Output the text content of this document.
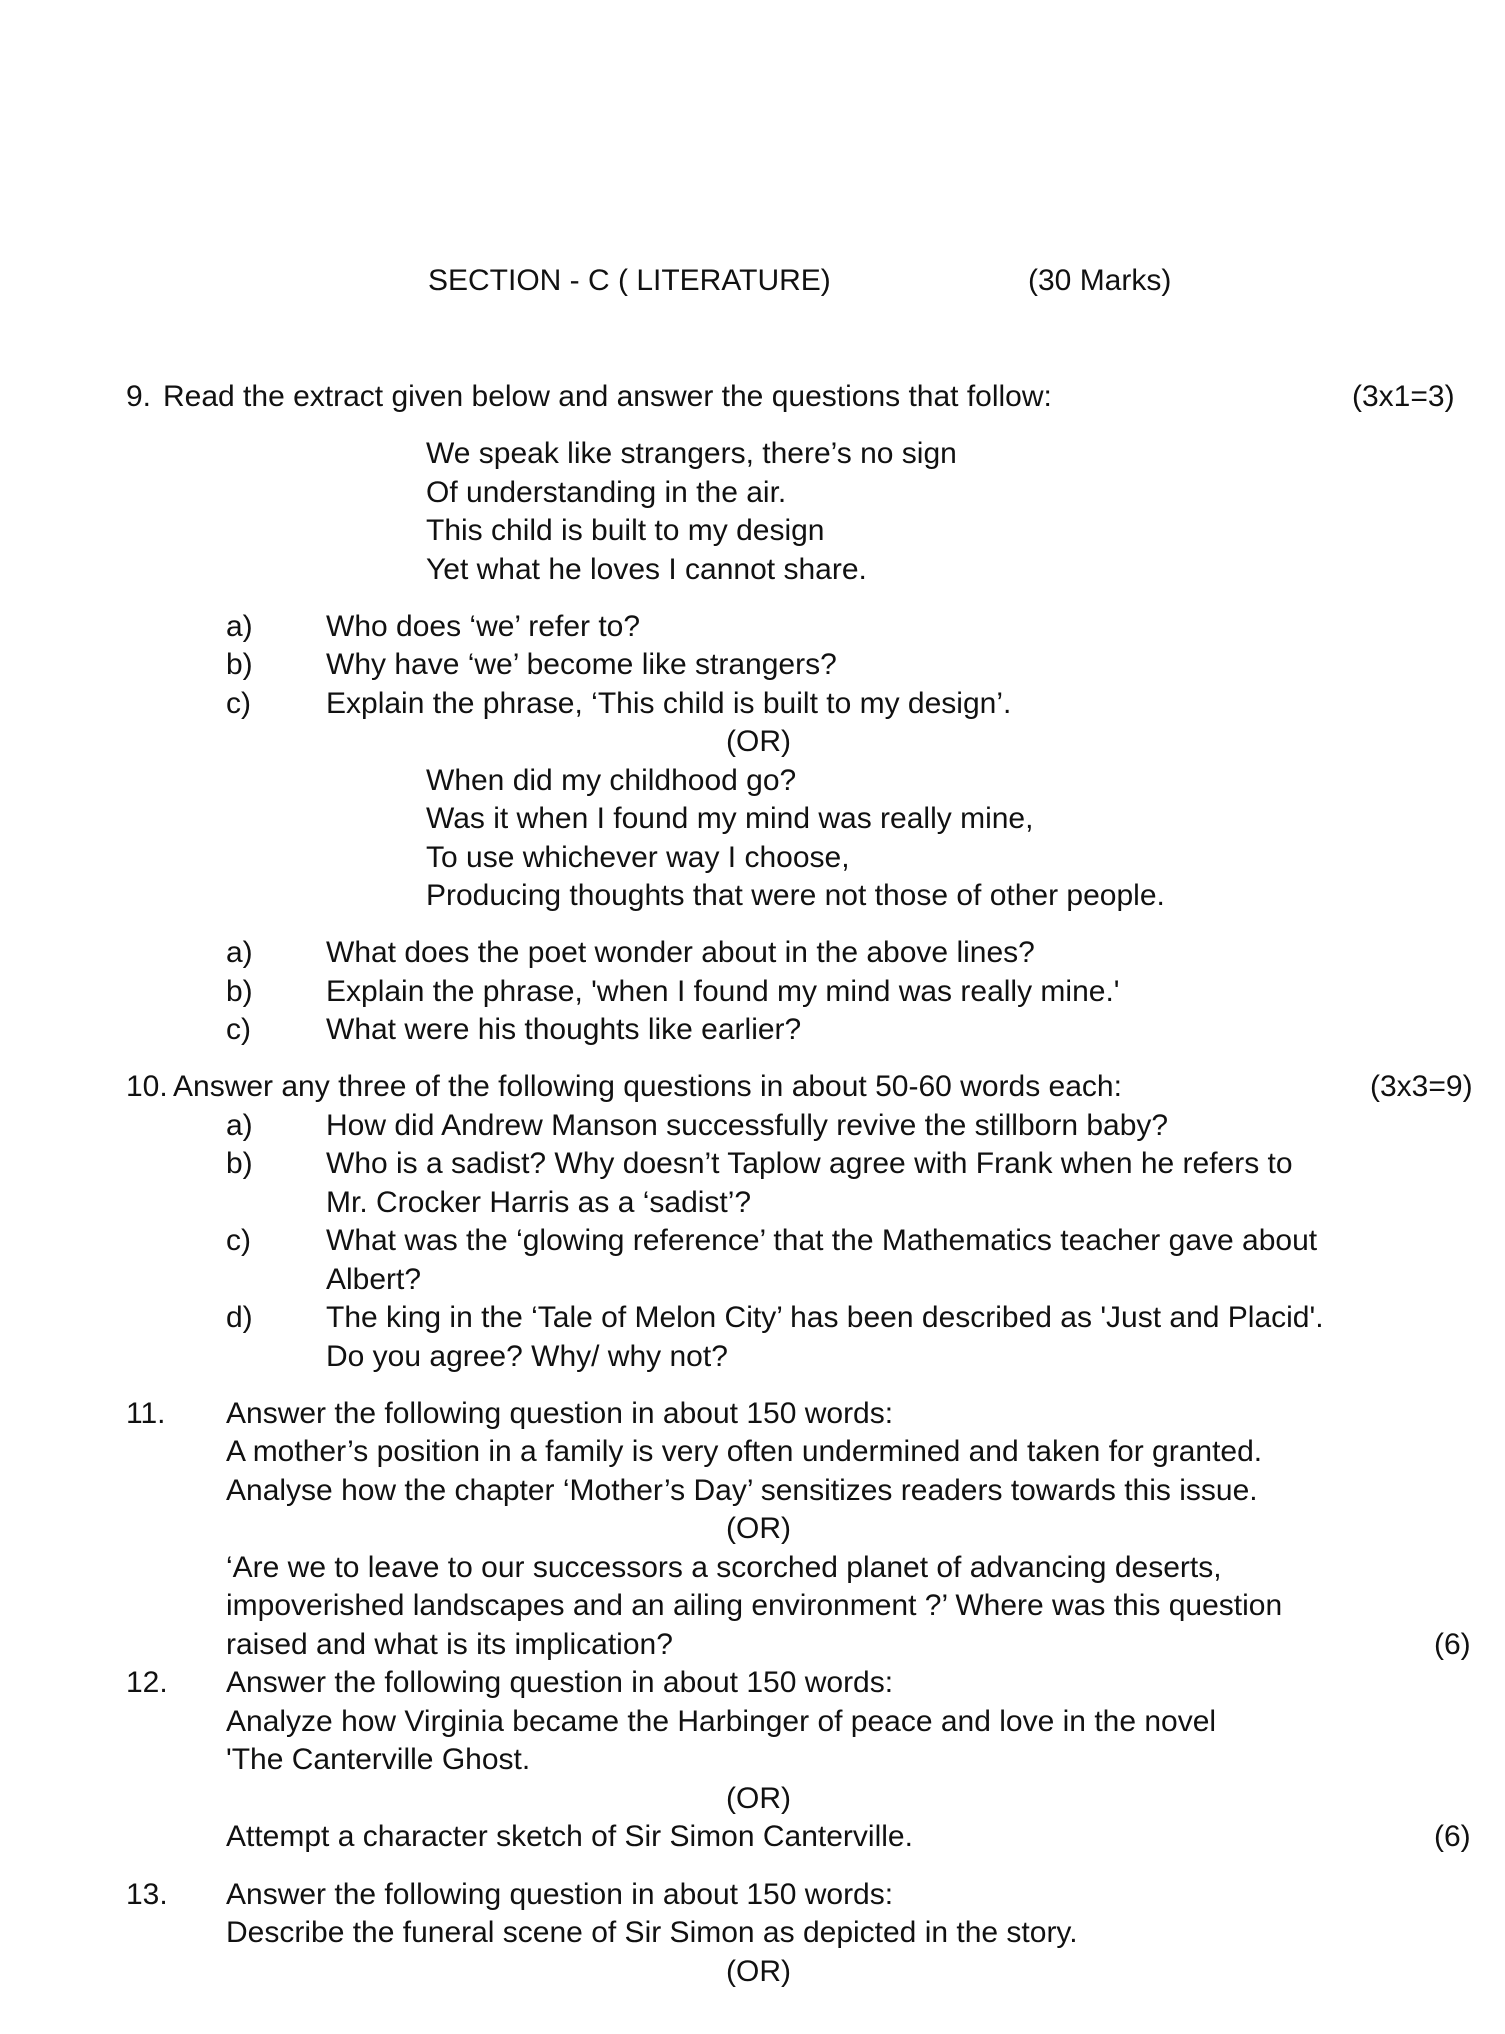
SECTION - C ( LITERATURE)	(30 Marks)
9. Read the extract given below and answer the questions that follow:	(3x1=3)
We speak like strangers, there’s no sign
Of understanding in the air.
This child is built to my design
Yet what he loves I cannot share.
a) Who does ‘we’ refer to?
b) Why have ‘we’ become like strangers?
c)	Explain the phrase, ‘This child is built to my design’.
(OR)
When did my childhood go?
Was it when I found my mind was really mine,
To use whichever way I choose,
Producing thoughts that were not those of other people.
a) What does the poet wonder about in the above lines?
b) Explain the phrase, 'when I found my mind was really mine.'
c)	What were his thoughts like earlier?
10. Answer any three of the following questions in about 50-60 words each:	(3x3=9)
a) How did Andrew Manson successfully revive the stillborn baby?
b) Who is a sadist? Why doesn’t Taplow agree with Frank when he refers to
Mr. Crocker Harris as a ‘sadist’?
c)	What was the ‘glowing reference’ that the Mathematics teacher gave about
Albert?
d) The king in the ‘Tale of Melon City’ has been described as 'Just and Placid'.
Do you agree? Why/ why not?
11. Answer the following question in about 150 words:
A mother’s position in a family is very often undermined and taken for granted.
Analyse how the chapter ‘Mother’s Day’ sensitizes readers towards this issue.
(OR)
‘Are we to leave to our successors a scorched planet of advancing deserts,
impoverished landscapes and an ailing environment ?’ Where was this question
raised and what is its implication?	(6)
12. Answer the following question in about 150 words:
Analyze how Virginia became the Harbinger of peace and love in the novel
'The Canterville Ghost.
(OR)
Attempt a character sketch of Sir Simon Canterville.	(6)
13. Answer the following question in about 150 words:
Describe the funeral scene of Sir Simon as depicted in the story.
(OR)
